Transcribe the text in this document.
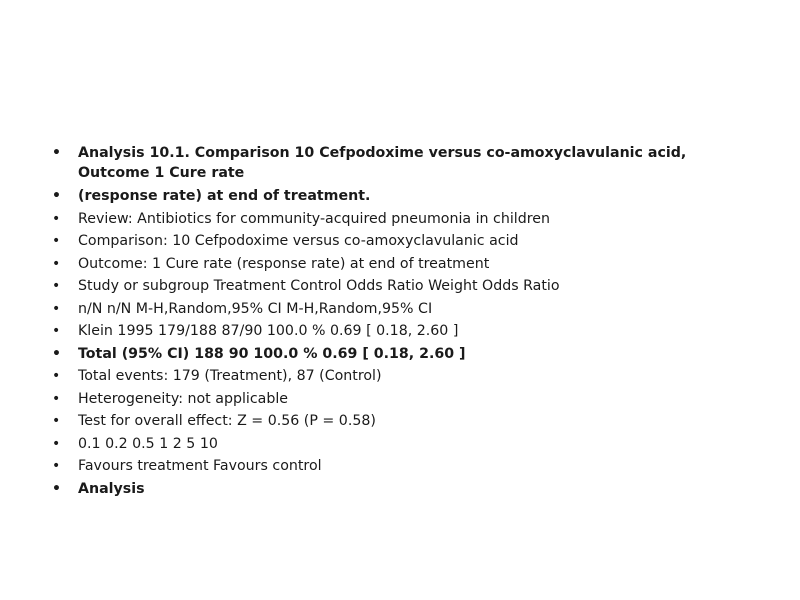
• Analysis 10.1. Comparison 10 Cefpodoxime versus co-amoxyclavulanic acid, Outcome 1 Cure rate
• (response rate) at end of treatment.
• Review: Antibiotics for community-acquired pneumonia in children
• Comparison: 10 Cefpodoxime versus co-amoxyclavulanic acid
• Outcome: 1 Cure rate (response rate) at end of treatment
• Study or subgroup Treatment Control Odds Ratio Weight Odds Ratio
• n/N n/N M-H,Random,95% CI M-H,Random,95% CI
• Klein 1995 179/188 87/90 100.0 % 0.69 [ 0.18, 2.60 ]
• Total (95% CI) 188 90 100.0 % 0.69 [ 0.18, 2.60 ]
• Total events: 179 (Treatment), 87 (Control)
• Heterogeneity: not applicable
• Test for overall effect: Z = 0.56 (P = 0.58)
• 0.1 0.2 0.5 1 2 5 10
• Favours treatment Favours control
• Analysis
